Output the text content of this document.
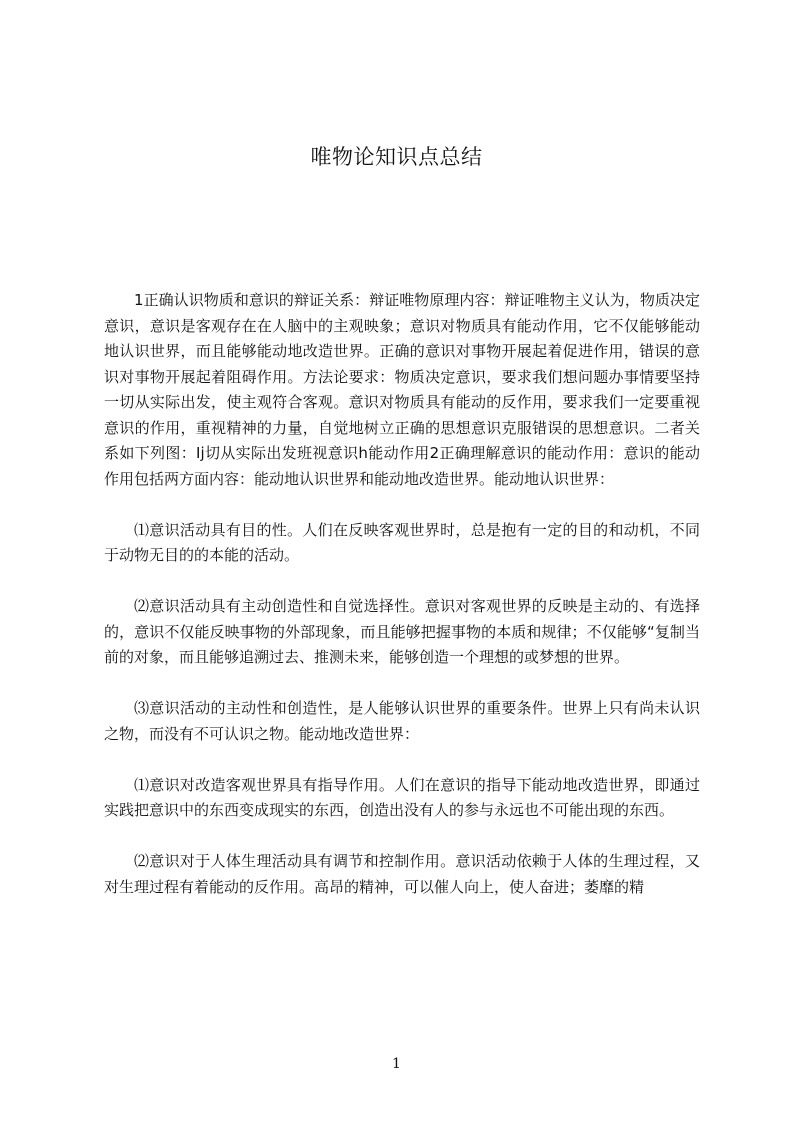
唯物论知识点总结

1正确认识物质和意识的辩证关系：辩证唯物原理内容：辩证唯物主义认为，物质决定意识，意识是客观存在在人脑中的主观映象；意识对物质具有能动作用，它不仅能够能动地认识世界，而且能够能动地改造世界。正确的意识对事物开展起着促进作用，错误的意识对事物开展起着阻碍作用。方法论要求：物质决定意识，要求我们想问题办事情要坚持一切从实际出发，使主观符合客观。意识对物质具有能动的反作用，要求我们一定要重视意识的作用，重视精神的力量，自觉地树立正确的思想意识克服错误的思想意识。二者关系如下列图：Ij切从实际出发班视意识h能动作用2正确理解意识的能动作用：意识的能动作用包括两方面内容：能动地认识世界和能动地改造世界。能动地认识世界：

⑴意识活动具有目的性。人们在反映客观世界时，总是抱有一定的目的和动机，不同于动物无目的的本能的活动。

⑵意识活动具有主动创造性和自觉选择性。意识对客观世界的反映是主动的、有选择的，意识不仅能反映事物的外部现象，而且能够把握事物的本质和规律；不仅能够“复制当前的对象，而且能够追溯过去、推测未来，能够创造一个理想的或梦想的世界。

⑶意识活动的主动性和创造性，是人能够认识世界的重要条件。世界上只有尚未认识之物，而没有不可认识之物。能动地改造世界：

⑴意识对改造客观世界具有指导作用。人们在意识的指导下能动地改造世界，即通过实践把意识中的东西变成现实的东西，创造出没有人的参与永远也不可能出现的东西。

⑵意识对于人体生理活动具有调节和控制作用。意识活动依赖于人体的生理过程，又对生理过程有着能动的反作用。高昂的精神，可以催人向上，使人奋进；萎靡的精

1
